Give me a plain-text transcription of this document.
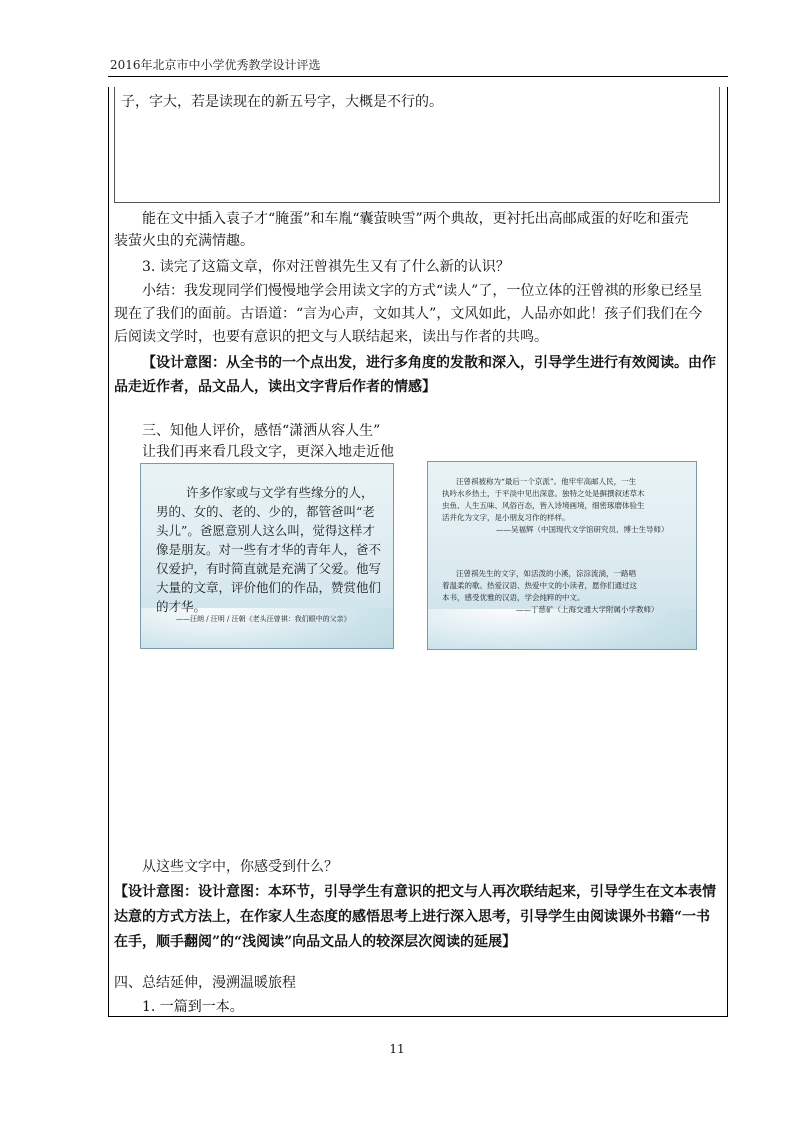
2016年北京市中小学优秀教学设计评选

子，字大，若是读现在的新五号字，大概是不行的。

能在文中插入袁子才“腌蛋”和车胤“囊萤映雪”两个典故，更衬托出高邮咸蛋的好吃和蛋壳

装萤火虫的充满情趣。

3. 读完了这篇文章，你对汪曾祺先生又有了什么新的认识？

小结：我发现同学们慢慢地学会用读文字的方式“读人”了，一位立体的汪曾祺的形象已经呈

现在了我们的面前。古语道：“言为心声，文如其人”，文风如此，人品亦如此！孩子们我们在今

后阅读文学时，也要有意识的把文与人联结起来，读出与作者的共鸣。

【设计意图：从全书的一个点出发，进行多角度的发散和深入，引导学生进行有效阅读。由作

品走近作者，品文品人，读出文字背后作者的情感】

三、知他人评价，感悟“潇洒从容人生”

让我们再来看几段文字，更深入地走近他

许多作家或与文学有些缘分的人，
男的、女的、老的、少的，都管爸叫“老
头儿”。爸愿意别人这么叫，觉得这样才
像是朋友。对一些有才华的青年人，爸不
仅爱护，有时简直就是充满了父爱。他写
大量的文章，评价他们的作品，赞赏他们
的才华。
——汪朗 / 汪明 / 汪朝《老头汪曾祺：我们眼中的父亲》
汪曾祺被称为“最后一个京派”。他牢牢高邮人民，一生
执吟水乡热土，于平淡中见出深意。独特之处是摒撰叙述草木
虫鱼、人生五味、风俗百态，皆入诗境画境，细密琢磨体验生
活并化为文字，是小朋友习作的样样。
——吴福辉（中国现代文学馆研究员、博士生导师）
汪曾祺先生的文字，如活泼的小溪，淙淙流淌，一路唱
着温柔的歌。热爱汉语、热爱中文的小读者，愿你们通过这
本书，感受优雅的汉语，学会纯粹的中文。
——丁慈矿（上海交通大学附属小学教师）

从这些文字中，你感受到什么？

【设计意图：设计意图：本环节，引导学生有意识的把文与人再次联结起来，引导学生在文本表情

达意的方式方法上，在作家人生态度的感悟思考上进行深入思考，引导学生由阅读课外书籍“一书

在手，顺手翻阅”的“浅阅读”向品文品人的较深层次阅读的延展】

四、总结延伸，漫溯温暖旅程

1. 一篇到一本。

11
